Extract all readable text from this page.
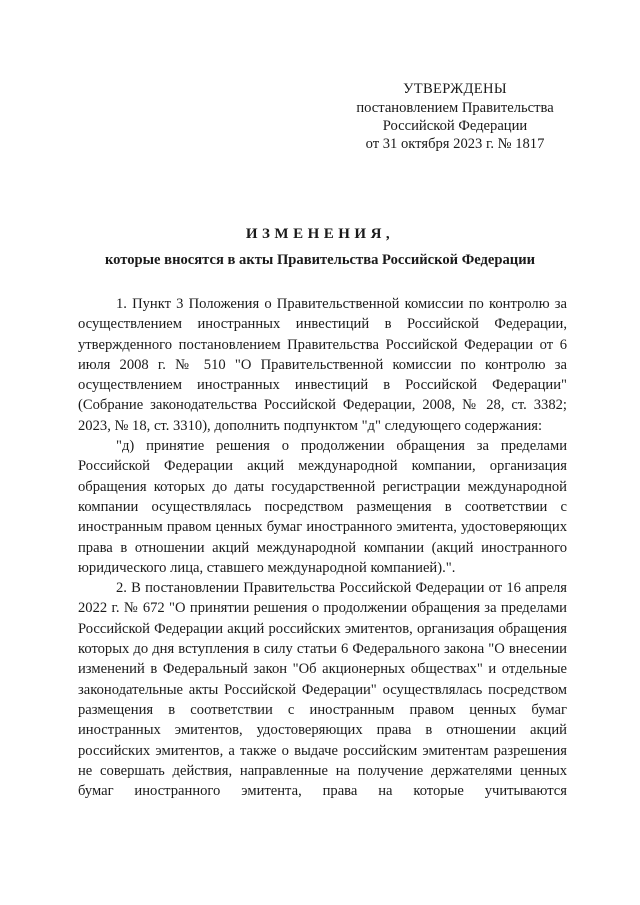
УТВЕРЖДЕНЫ
постановлением Правительства
Российской Федерации
от 31 октября 2023 г. № 1817
ИЗМЕНЕНИЯ,
которые вносятся в акты Правительства Российской Федерации

1. Пункт 3 Положения о Правительственной комиссии по контролю за осуществлением иностранных инвестиций в Российской Федерации, утвержденного постановлением Правительства Российской Федерации от 6 июля 2008 г. № 510 "О Правительственной комиссии по контролю за осуществлением иностранных инвестиций в Российской Федерации" (Собрание законодательства Российской Федерации, 2008, № 28, ст. 3382; 2023, № 18, ст. 3310), дополнить подпунктом "д" следующего содержания:

"д) принятие решения о продолжении обращения за пределами Российской Федерации акций международной компании, организация обращения которых до даты государственной регистрации международной компании осуществлялась посредством размещения в соответствии с иностранным правом ценных бумаг иностранного эмитента, удостоверяющих права в отношении акций международной компании (акций иностранного юридического лица, ставшего международной компанией).".

2. В постановлении Правительства Российской Федерации от 16 апреля 2022 г. № 672 "О принятии решения о продолжении обращения за пределами Российской Федерации акций российских эмитентов, организация обращения которых до дня вступления в силу статьи 6 Федерального закона "О внесении изменений в Федеральный закон "Об акционерных обществах" и отдельные законодательные акты Российской Федерации" осуществлялась посредством размещения в соответствии с иностранным правом ценных бумаг иностранных эмитентов, удостоверяющих права в отношении акций российских эмитентов, а также о выдаче российским эмитентам разрешения не совершать действия, направленные на получение держателями ценных бумаг иностранного эмитента, права на которые учитываются
